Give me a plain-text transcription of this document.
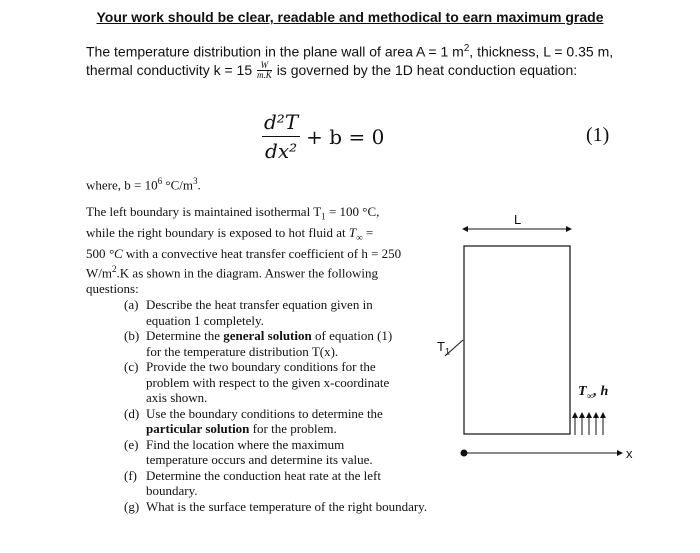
Your work should be clear, readable and methodical to earn maximum grade
The temperature distribution in the plane wall of area A = 1 $m^2$, thickness, L = 0.35 m,
thermal conductivity $k = 15 \frac{W}{m.K}$ is governed by the 1D heat conduction equation:
$\frac{\text{d²T}}{\text{dx²}} + b = 0$	(1)
where, $b = 10^6$ $^\circ C/m^3$.
The left boundary is maintained isothermal $T_1 = 100$ °C,
while the right boundary is exposed to hot fluid at $T_\infty$ =
500 °C with a convective heat transfer coefficient of h = 250
$W/m^2.K$ as shown in the diagram. Answer the following
questions:
(a) Describe the heat transfer equation given in
equation 1 completely.
(b) Determine the general solution of equation (1)
for the temperature distribution T(x).
(c) Provide the two boundary conditions for the
problem with respect to the given x-coordinate
axis shown.
(d) Use the boundary conditions to determine the
particular solution for the problem.
(e) Find the location where the maximum
temperature occurs and determine its value.
(f) Determine the conduction heat rate at the left
boundary.
(g) What is the surface temperature of the right boundary.
L
$T_1$
$T_\infty$, h
x
